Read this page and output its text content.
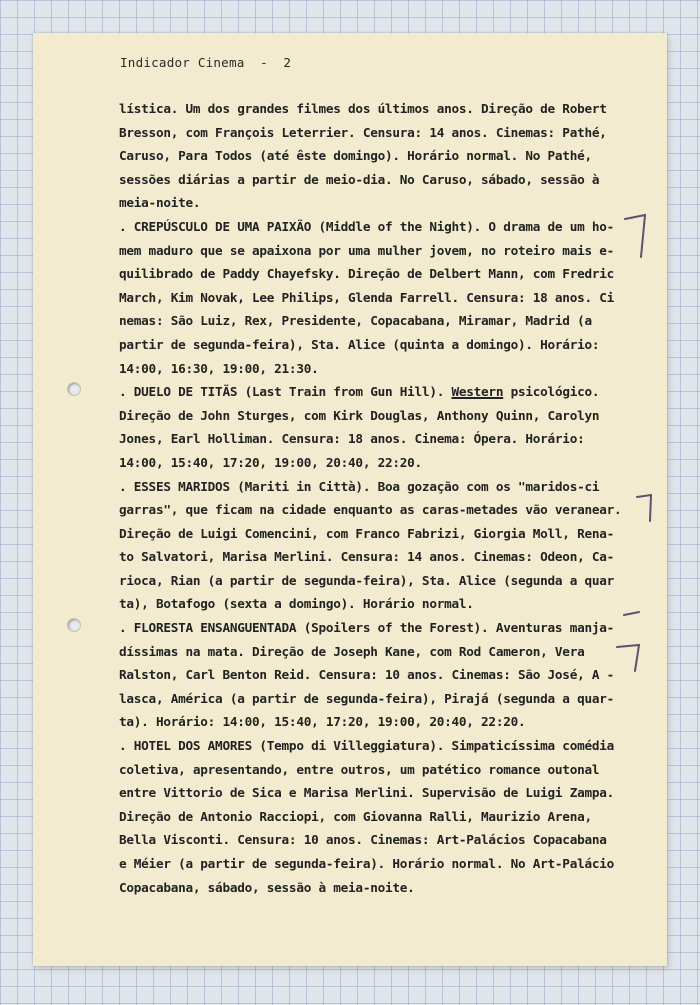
Indicador Cinema  -  2
lística. Um dos grandes filmes dos últimos anos. Direção de Robert
Bresson, com François Leterrier. Censura: 14 anos. Cinemas: Pathé,
Caruso, Para Todos (até êste domingo). Horário normal. No Pathé,
sessões diárias a partir de meio-dia. No Caruso, sábado, sessão à
meia-noite.
. CREPÚSCULO DE UMA PAIXÃO (Middle of the Night). O drama de um ho-
mem maduro que se apaixona por uma mulher jovem, no roteiro mais e-
quilibrado de Paddy Chayefsky. Direção de Delbert Mann, com Fredric
March, Kim Novak, Lee Philips, Glenda Farrell. Censura: 18 anos. Ci
nemas: São Luiz, Rex, Presidente, Copacabana, Miramar, Madrid (a
partir de segunda-feira), Sta. Alice (quinta a domingo). Horário:
14:00, 16:30, 19:00, 21:30.
. DUELO DE TITÃS (Last Train from Gun Hill). Western psicológico.
Direção de John Sturges, com Kirk Douglas, Anthony Quinn, Carolyn
Jones, Earl Holliman. Censura: 18 anos. Cinema: Ópera. Horário:
14:00, 15:40, 17:20, 19:00, 20:40, 22:20.
. ESSES MARIDOS (Mariti in Città). Boa gozação com os "maridos-ci
garras", que ficam na cidade enquanto as caras-metades vão veranear.
Direção de Luigi Comencini, com Franco Fabrizi, Giorgia Moll, Rena-
to Salvatori, Marisa Merlini. Censura: 14 anos. Cinemas: Odeon, Ca-
rioca, Rian (a partir de segunda-feira), Sta. Alice (segunda a quar
ta), Botafogo (sexta a domingo). Horário normal.
. FLORESTA ENSANGUENTADA (Spoilers of the Forest). Aventuras manja-
díssimas na mata. Direção de Joseph Kane, com Rod Cameron, Vera
Ralston, Carl Benton Reid. Censura: 10 anos. Cinemas: São José, A -
lasca, América (a partir de segunda-feira), Pirajá (segunda a quar-
ta). Horário: 14:00, 15:40, 17:20, 19:00, 20:40, 22:20.
. HOTEL DOS AMORES (Tempo di Villeggiatura). Simpaticíssima comédia
coletiva, apresentando, entre outros, um patético romance outonal
entre Vittorio de Sica e Marisa Merlini. Supervisão de Luigi Zampa.
Direção de Antonio Racciopi, com Giovanna Ralli, Maurizio Arena,
Bella Visconti. Censura: 10 anos. Cinemas: Art-Palácios Copacabana
e Méier (a partir de segunda-feira). Horário normal. No Art-Palácio
Copacabana, sábado, sessão à meia-noite.
